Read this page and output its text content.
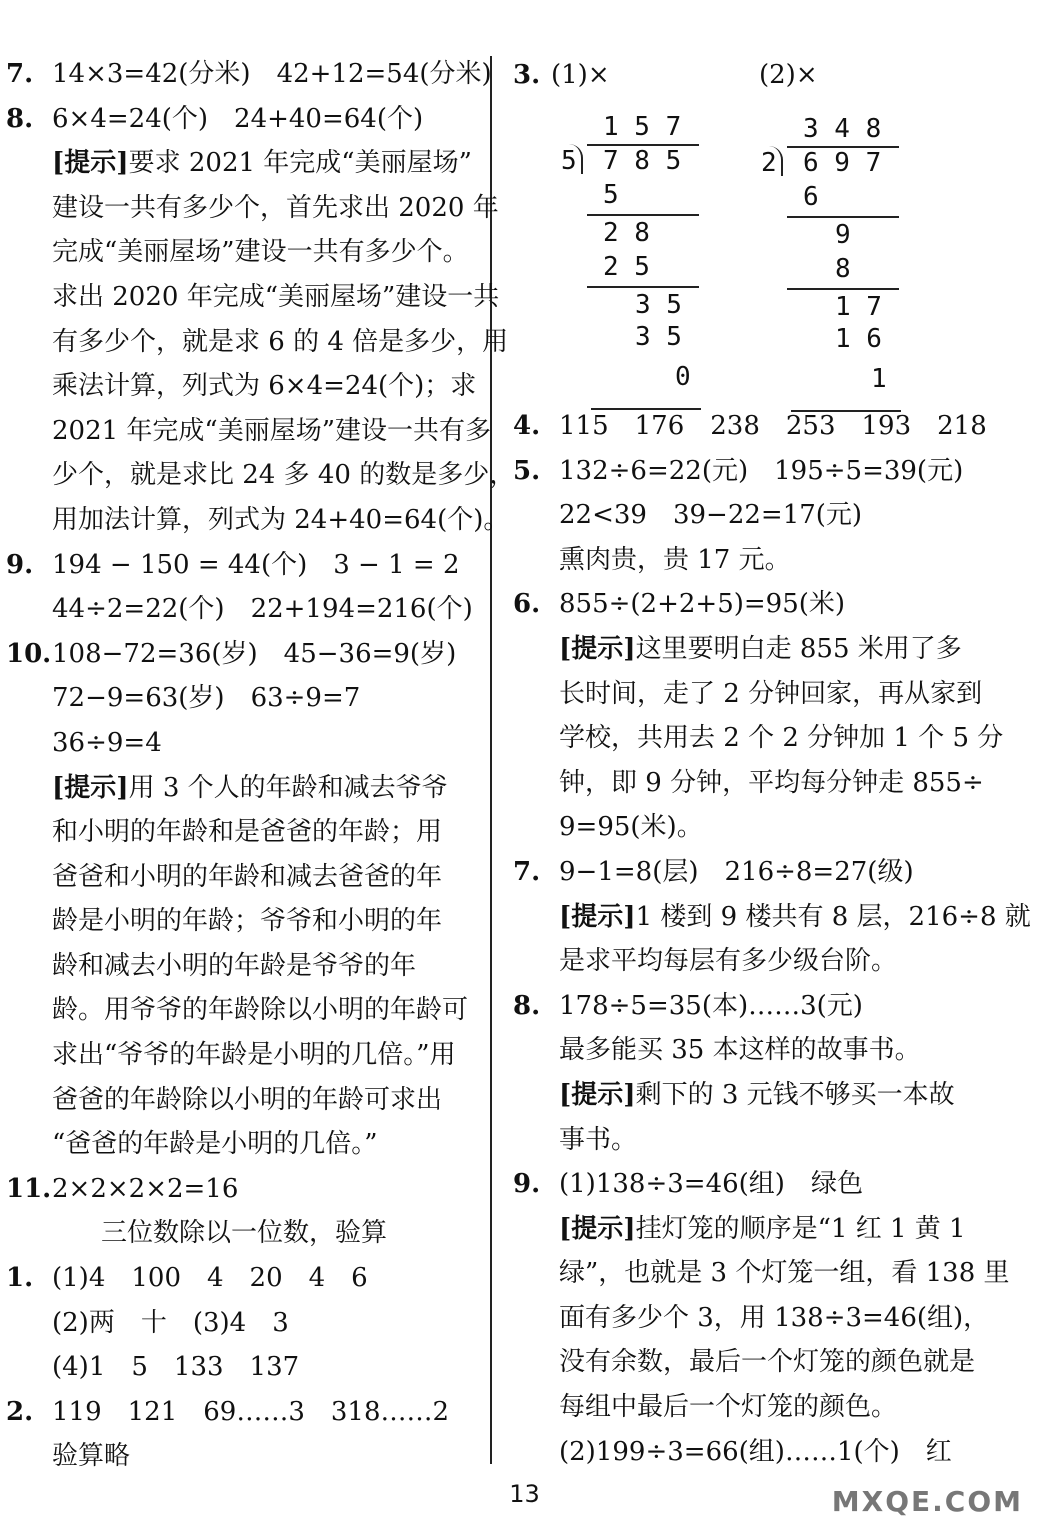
7. 14×3=42(分米)　42+12=54(分米)
8. 6×4=24(个)　24+40=64(个)
[提示]要求 2021 年完成“美丽屋场”
建设一共有多少个，首先求出 2020 年
完成“美丽屋场”建设一共有多少个。
求出 2020 年完成“美丽屋场”建设一共
有多少个，就是求 6 的 4 倍是多少，用
乘法计算，列式为 6×4=24(个)；求
2021 年完成“美丽屋场”建设一共有多
少个，就是求比 24 多 40 的数是多少，
用加法计算，列式为 24+40=64(个)。
9. 194 − 150 = 44(个)　3 − 1 = 2
44÷2=22(个)　22+194=216(个)
10. 108−72=36(岁)　45−36=9(岁)
72−9=63(岁)　63÷9=7
36÷9=4
[提示]用 3 个人的年龄和减去爷爷
和小明的年龄和是爸爸的年龄；用
爸爸和小明的年龄和减去爸爸的年
龄是小明的年龄；爷爷和小明的年
龄和减去小明的年龄是爷爷的年
龄。用爷爷的年龄除以小明的年龄可
求出“爷爷的年龄是小明的几倍。”用
爸爸的年龄除以小明的年龄可求出
“爸爸的年龄是小明的几倍。”
11. 2×2×2×2=16
三位数除以一位数，验算
1. (1)4　100　4　20　4　6
(2)两　十　(3)4　3
(4)1　5　133　137
2. 119　121　69……3　318……2
验算略
3. (1)×	(2)×
1 5 7
5 7 8 5
5
2 8
2 5
3 5
3 5
3 4 8
2 6 9 7
6
9
8
1 7
1 6
0	1
4. 115　176　238　253　193　218
5. 132÷6=22(元)　195÷5=39(元)
22<39　39−22=17(元)
熏肉贵，贵 17 元。
6. 855÷(2+2+5)=95(米)
[提示]这里要明白走 855 米用了多
长时间，走了 2 分钟回家，再从家到
学校，共用去 2 个 2 分钟加 1 个 5 分
钟，即 9 分钟，平均每分钟走 855÷
9=95(米)。
7. 9−1=8(层)　216÷8=27(级)
[提示]1 楼到 9 楼共有 8 层，216÷8 就
是求平均每层有多少级台阶。
8. 178÷5=35(本)……3(元)
最多能买 35 本这样的故事书。
[提示]剩下的 3 元钱不够买一本故
事书。
9. (1)138÷3=46(组)　绿色
[提示]挂灯笼的顺序是“1 红 1 黄 1
绿”，也就是 3 个灯笼一组，看 138 里
面有多少个 3，用 138÷3=46(组)，
没有余数，最后一个灯笼的颜色就是
每组中最后一个灯笼的颜色。
(2)199÷3=66(组)……1(个)　红
13	MXQE.COM
